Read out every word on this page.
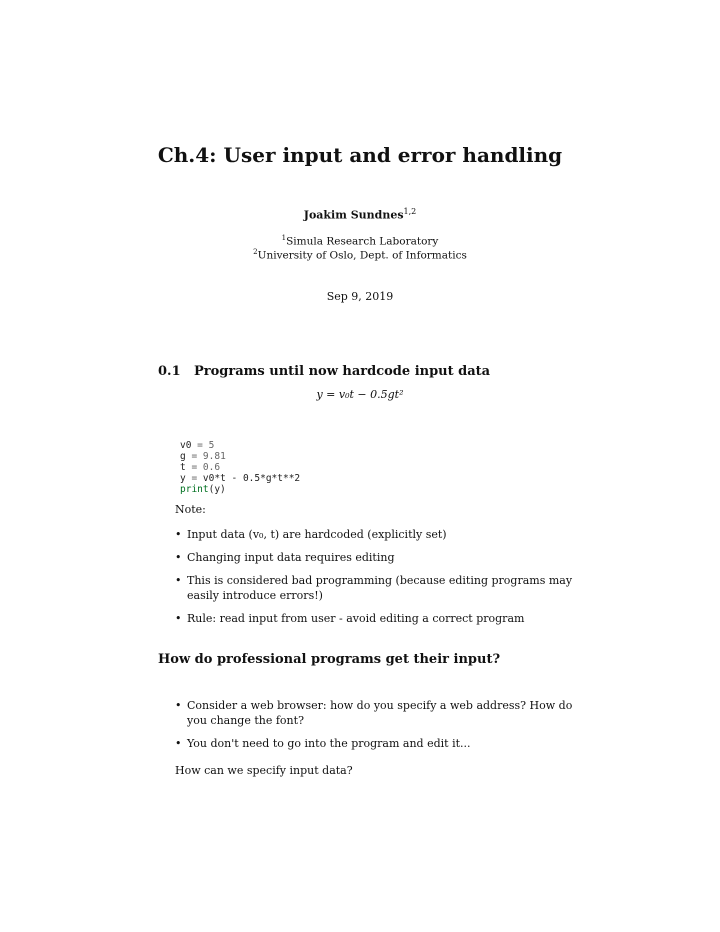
Ch.4: User input and error handling
Joakim Sundnes$^{1,2}$
$^1$Simula Research Laboratory
$^2$University of Oslo, Dept. of Informatics
Sep 9, 2019
0.1 Programs until now hardcode input data
y = v₀t − 0.5gt²
v0 = 5
g = 9.81
t = 0.6
y = v0*t - 0.5*g*t**2
print(y)
Note:
• Input data (v₀, t) are hardcoded (explicitly set)
• Changing input data requires editing
• This is considered bad programming (because editing programs may easily introduce errors!)
• Rule: read input from user - avoid editing a correct program
How do professional programs get their input?
• Consider a web browser: how do you specify a web address? How do you change the font?
• You don't need to go into the program and edit it...
How can we specify input data?
